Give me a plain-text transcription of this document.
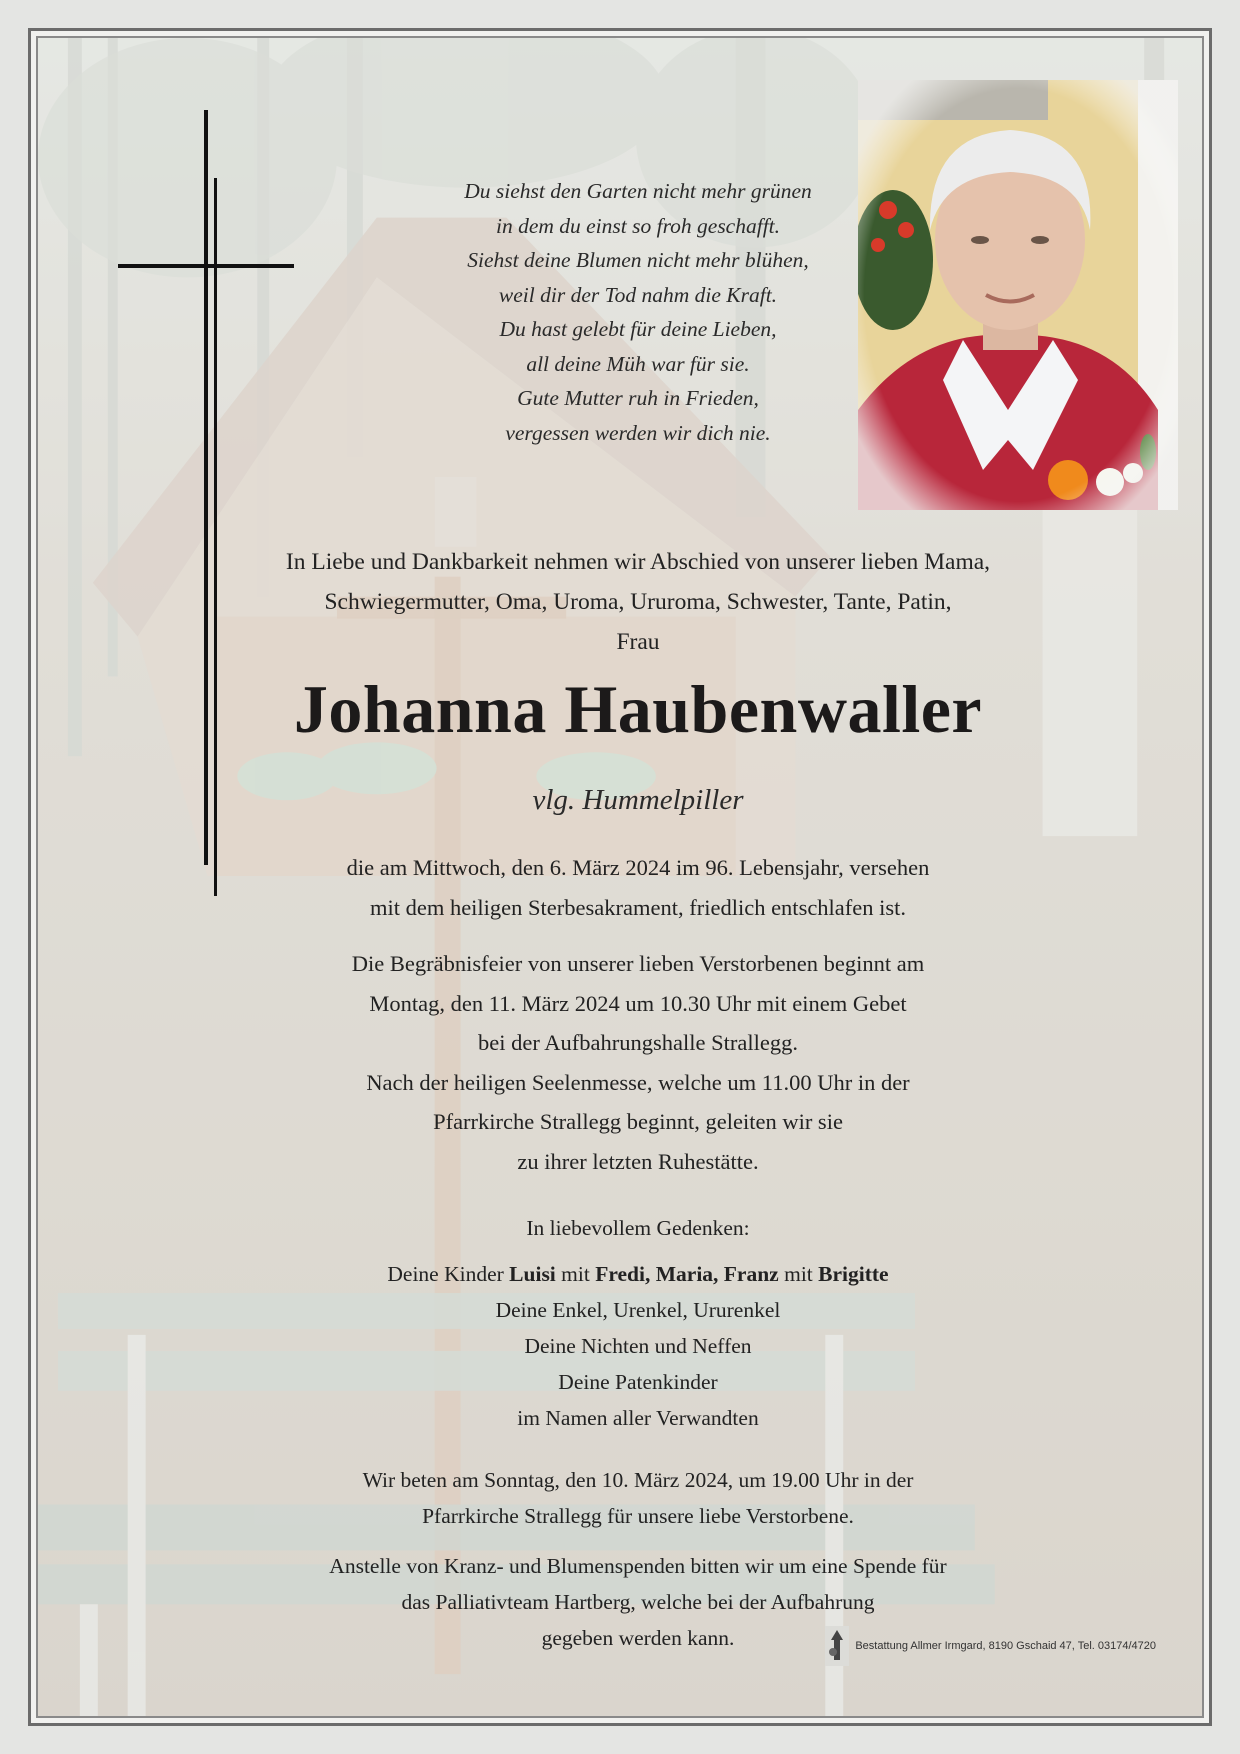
Du siehst den Garten nicht mehr grünen
in dem du einst so froh geschafft.
Siehst deine Blumen nicht mehr blühen,
weil dir der Tod nahm die Kraft.
Du hast gelebt für deine Lieben,
all deine Müh war für sie.
Gute Mutter ruh in Frieden,
vergessen werden wir dich nie.
In Liebe und Dankbarkeit nehmen wir Abschied von unserer lieben Mama,
Schwiegermutter, Oma, Uroma, Ururoma, Schwester, Tante, Patin,
Frau
Johanna Haubenwaller
vlg. Hummelpiller
die am Mittwoch, den 6. März 2024 im 96. Lebensjahr, versehen
mit dem heiligen Sterbesakrament, friedlich entschlafen ist.
Die Begräbnisfeier von unserer lieben Verstorbenen beginnt am
Montag, den 11. März 2024 um 10.30 Uhr mit einem Gebet
bei der Aufbahrungshalle Strallegg.
Nach der heiligen Seelenmesse, welche um 11.00 Uhr in der
Pfarrkirche Strallegg beginnt, geleiten wir sie
zu ihrer letzten Ruhestätte.
In liebevollem Gedenken:
Deine Kinder Luisi mit Fredi, Maria, Franz mit Brigitte
Deine Enkel, Urenkel, Ururenkel
Deine Nichten und Neffen
Deine Patenkinder
im Namen aller Verwandten
Wir beten am Sonntag, den 10. März 2024, um 19.00 Uhr in der
Pfarrkirche Strallegg für unsere liebe Verstorbene.
Anstelle von Kranz- und Blumenspenden bitten wir um eine Spende für
das Palliativteam Hartberg, welche bei der Aufbahrung
gegeben werden kann.	Bestattung Allmer Irmgard, 8190 Gschaid 47, Tel. 03174/4720
